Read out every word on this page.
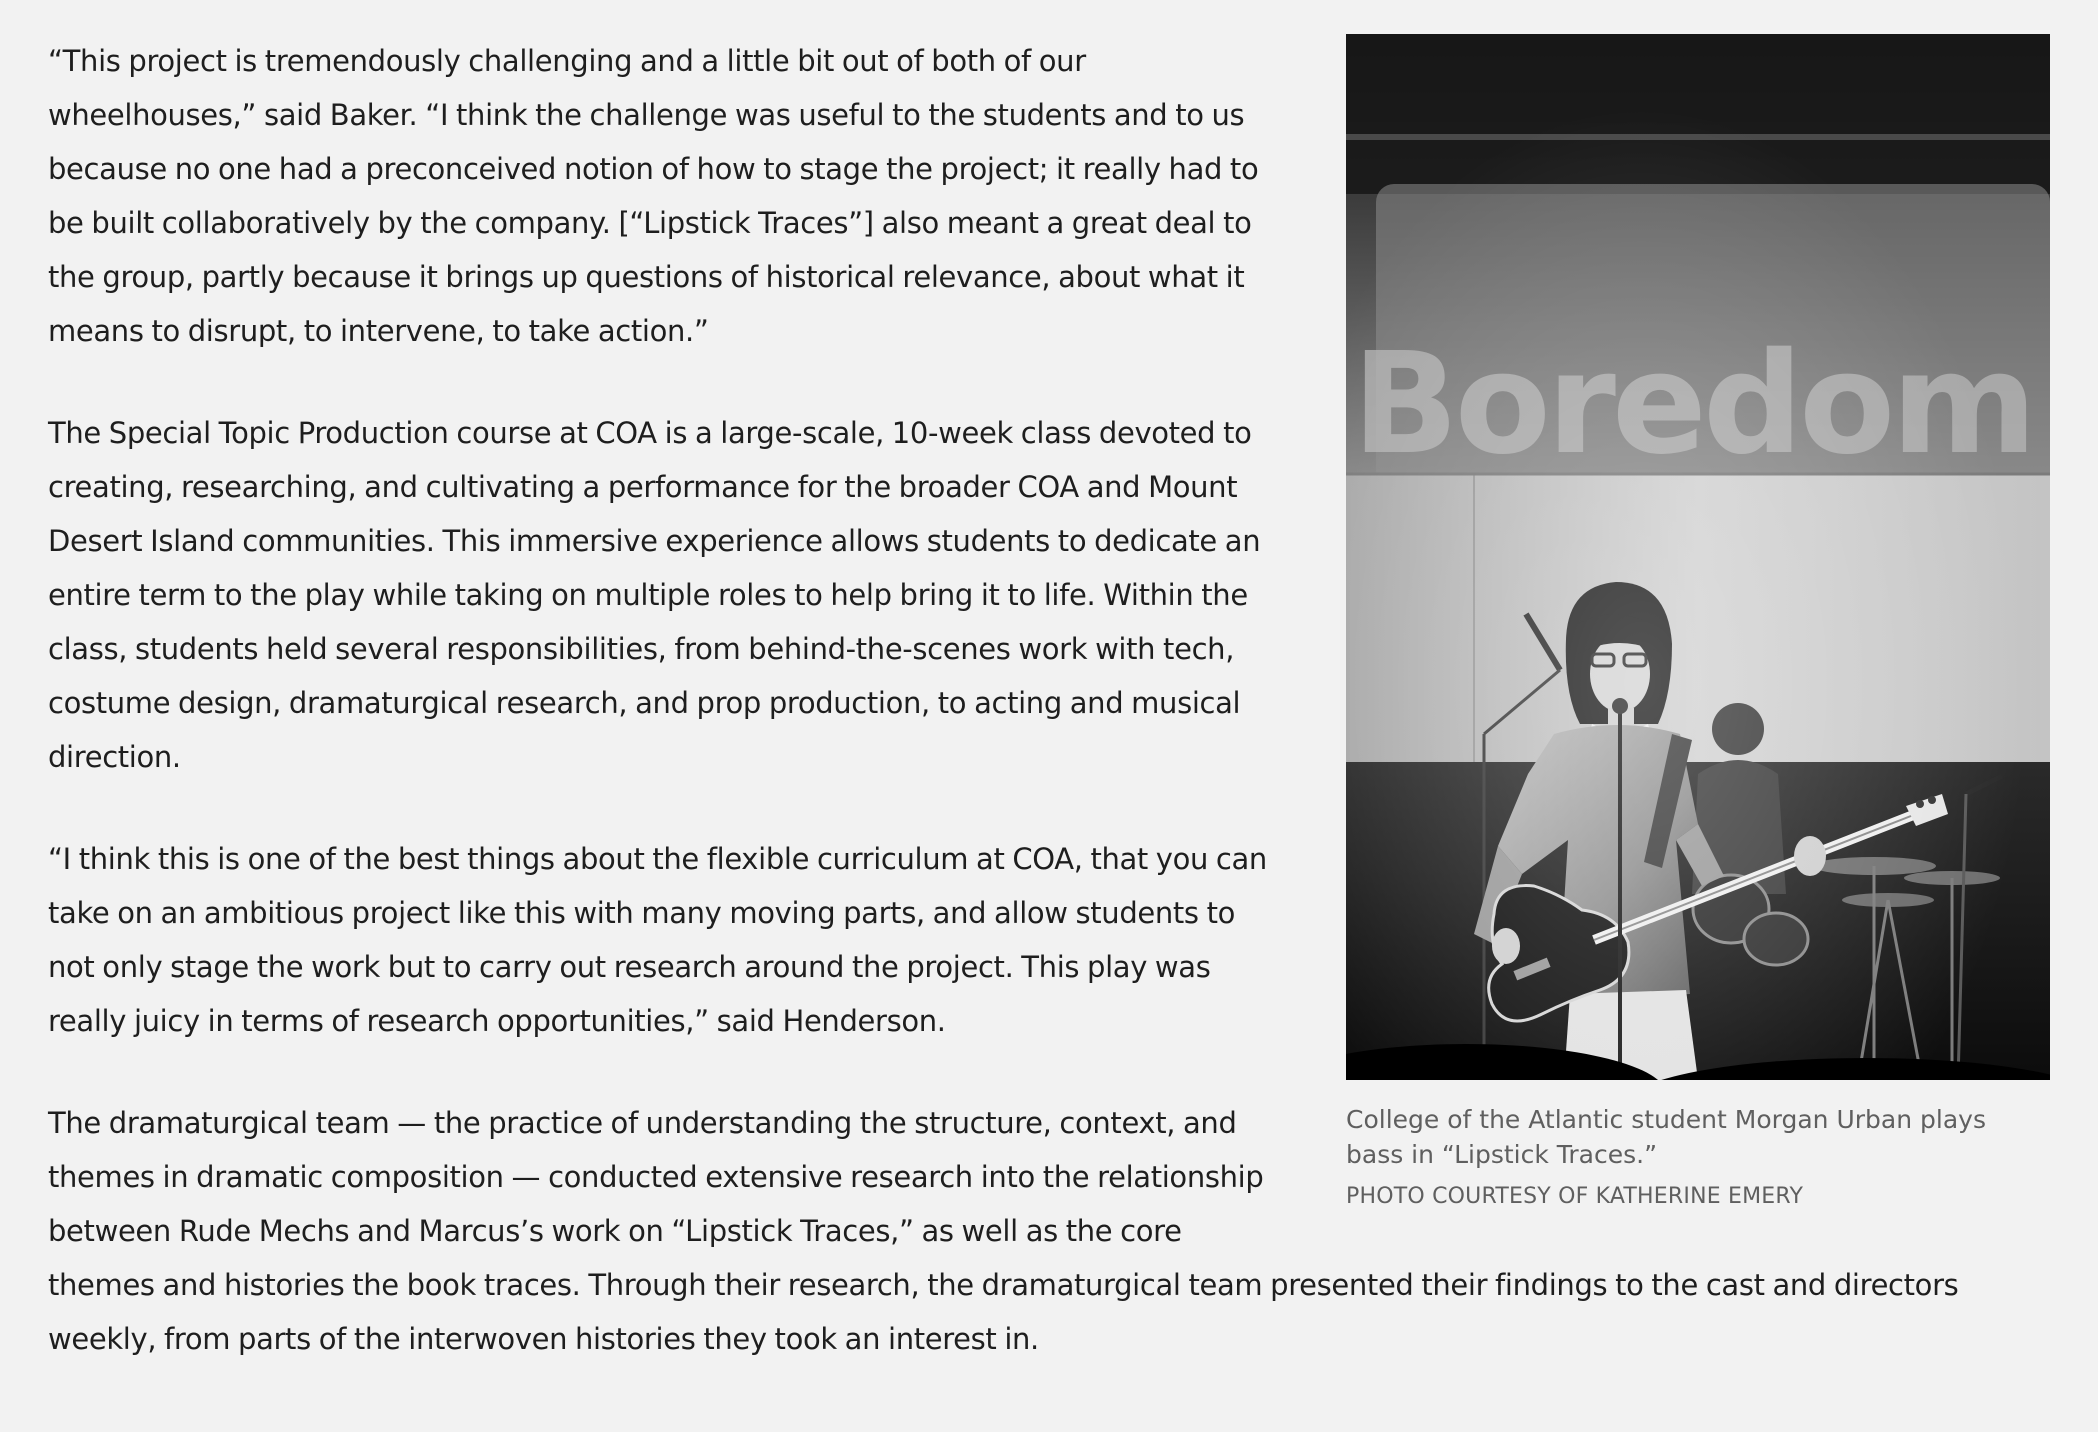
College of the Atlantic student Morgan Urban plays bass in “Lipstick Traces.”
PHOTO COURTESY OF KATHERINE EMERY

“This project is tremendously challenging and a little bit out of both of our wheelhouses,” said Baker. “I think the challenge was useful to the students and to us because no one had a preconceived notion of how to stage the project; it really had to be built collaboratively by the company. [“Lipstick Traces”] also meant a great deal to the group, partly because it brings up questions of historical relevance, about what it means to disrupt, to intervene, to take action.”

The Special Topic Production course at COA is a large-scale, 10-week class devoted to creating, researching, and cultivating a performance for the broader COA and Mount Desert Island communities. This immersive experience allows students to dedicate an entire term to the play while taking on multiple roles to help bring it to life. Within the class, students held several responsibilities, from behind-the-scenes work with tech, costume design, dramaturgical research, and prop production, to acting and musical direction.

“I think this is one of the best things about the flexible curriculum at COA, that you can take on an ambitious project like this with many moving parts, and allow students to not only stage the work but to carry out research around the project. This play was really juicy in terms of research opportunities,” said Henderson.

The dramaturgical team — the practice of understanding the structure, context, and themes in dramatic composition — conducted extensive research into the relationship between Rude Mechs and Marcus’s work on “Lipstick Traces,” as well as the core themes and histories the book traces. Through their research, the dramaturgical team presented their findings to the cast and directors weekly, from parts of the interwoven histories they took an interest in.
